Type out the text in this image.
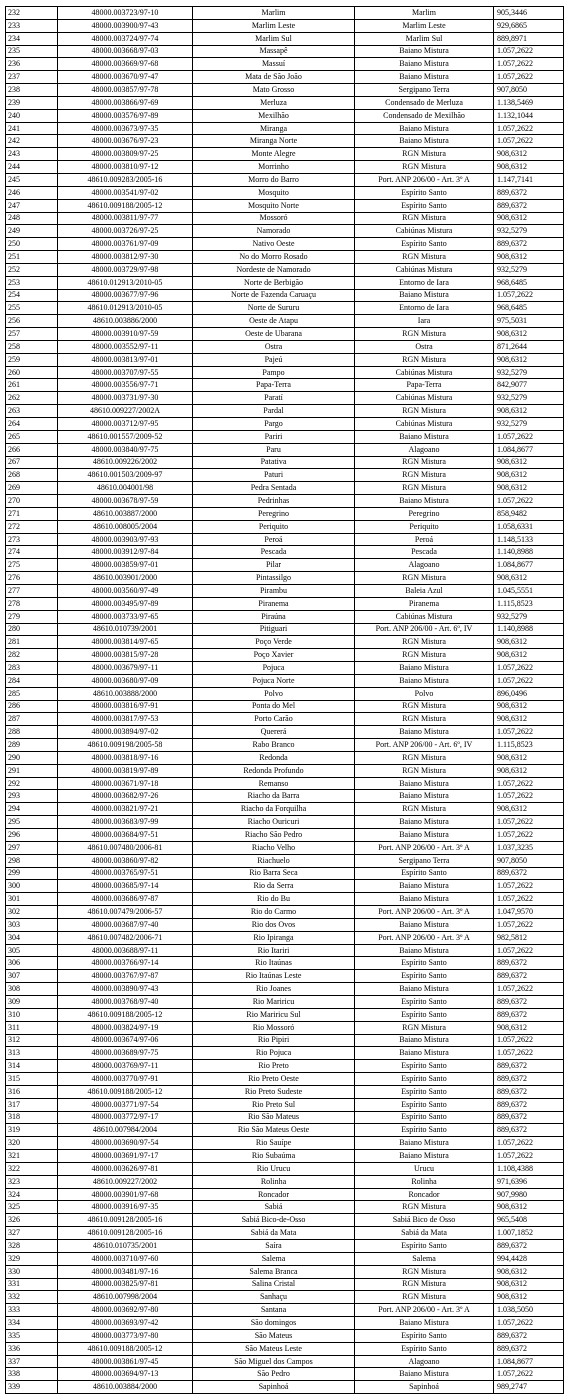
232	48000.003723/97-10	Marlim	Marlim	905,3446
233	48000.003900/97-43	Marlim Leste	Marlim Leste	929,6865
234	48000.003724/97-74	Marlim Sul	Marlim Sul	889,8971
235	48000.003668/97-03	Massapê	Baiano Mistura	1.057,2622
236	48000.003669/97-68	Massuí	Baiano Mistura	1.057,2622
237	48000.003670/97-47	Mata de São João	Baiano Mistura	1.057,2622
238	48000.003857/97-78	Mato Grosso	Sergipano Terra	907,8050
239	48000.003866/97-69	Merluza	Condensado de Merluza	1.138,5469
240	48000.003576/97-89	Mexilhão	Condensado de Mexilhão	1.132,1044
241	48000.003673/97-35	Miranga	Baiano Mistura	1.057,2622
242	48000.003676/97-23	Miranga Norte	Baiano Mistura	1.057,2622
243	48000.003809/97-25	Monte Alegre	RGN Mistura	908,6312
244	48000.003810/97-12	Morrinho	RGN Mistura	908,6312
245	48610.009283/2005-16	Morro do Barro	Port. ANP 206/00 - Art. 3º A	1.147,7141
246	48000.003541/97-02	Mosquito	Espírito Santo	889,6372
247	48610.009188/2005-12	Mosquito Norte	Espírito Santo	889,6372
248	48000.003811/97-77	Mossoró	RGN Mistura	908,6312
249	48000.003726/97-25	Namorado	Cabiúnas Mistura	932,5279
250	48000.003761/97-09	Nativo Oeste	Espírito Santo	889,6372
251	48000.003812/97-30	No do Morro Rosado	RGN Mistura	908,6312
252	48000.003729/97-98	Nordeste de Namorado	Cabiúnas Mistura	932,5279
253	48610.012913/2010-05	Norte de Berbigão	Entorno de Iara	968,6485
254	48000.003677/97-96	Norte de Fazenda Caruaçu	Baiano Mistura	1.057,2622
255	48610.012913/2010-05	Norte de Sururu	Entorno de Iara	968,6485
256	48610.003886/2000	Oeste de Atapu	Iara	975,5031
257	48000.003910/97-59	Oeste de Ubarana	RGN Mistura	908,6312
258	48000.003552/97-11	Ostra	Ostra	871,2644
259	48000.003813/97-01	Pajeú	RGN Mistura	908,6312
260	48000.003707/97-55	Pampo	Cabiúnas Mistura	932,5279
261	48000.003556/97-71	Papa-Terra	Papa-Terra	842,9077
262	48000.003731/97-30	Paratí	Cabiúnas Mistura	932,5279
263	48610.009227/2002A	Pardal	RGN Mistura	908,6312
264	48000.003712/97-95	Pargo	Cabiúnas Mistura	932,5279
265	48610.001557/2009-52	Pariri	Baiano Mistura	1.057,2622
266	48000.003840/97-75	Paru	Alagoano	1.084,8677
267	48610.009226/2002	Patativa	RGN Mistura	908,6312
268	48610.001503/2009-97	Paturi	RGN Mistura	908,6312
269	48610.004001/98	Pedra Sentada	RGN Mistura	908,6312
270	48000.003678/97-59	Pedrinhas	Baiano Mistura	1.057,2622
271	48610.003887/2000	Peregrino	Peregrino	858,9482
272	48610.008005/2004	Periquito	Periquito	1.058,6331
273	48000.003903/97-93	Peroá	Peroá	1.148,5133
274	48000.003912/97-84	Pescada	Pescada	1.140,8988
275	48000.003859/97-01	Pilar	Alagoano	1.084,8677
276	48610.003901/2000	Pintassilgo	RGN Mistura	908,6312
277	48000.003560/97-49	Pirambu	Baleia Azul	1.045,5551
278	48000.003495/97-89	Piranema	Piranema	1.115,8523
279	48000.003733/97-65	Piraúna	Cabiúnas Mistura	932,5279
280	48610.010739/2001	Pitiguari	Port. ANP 206/00 - Art. 6º, IV	1.140,8988
281	48000.003814/97-65	Poço Verde	RGN Mistura	908,6312
282	48000.003815/97-28	Poço Xavier	RGN Mistura	908,6312
283	48000.003679/97-11	Pojuca	Baiano Mistura	1.057,2622
284	48000.003680/97-09	Pojuca Norte	Baiano Mistura	1.057,2622
285	48610.003888/2000	Polvo	Polvo	896,0496
286	48000.003816/97-91	Ponta do Mel	RGN Mistura	908,6312
287	48000.003817/97-53	Porto Carão	RGN Mistura	908,6312
288	48000.003894/97-02	Quererá	Baiano Mistura	1.057,2622
289	48610.009198/2005-58	Rabo Branco	Port. ANP 206/00 - Art. 6º, IV	1.115,8523
290	48000.003818/97-16	Redonda	RGN Mistura	908,6312
291	48000.003819/97-89	Redonda Profundo	RGN Mistura	908,6312
292	48000.003671/97-18	Remanso	Baiano Mistura	1.057,2622
293	48000.003682/97-26	Riacho da Barra	Baiano Mistura	1.057,2622
294	48000.003821/97-21	Riacho da Forquilha	RGN Mistura	908,6312
295	48000.003683/97-99	Riacho Ouricuri	Baiano Mistura	1.057,2622
296	48000.003684/97-51	Riacho São Pedro	Baiano Mistura	1.057,2622
297	48610.007480/2006-81	Riacho Velho	Port. ANP 206/00 - Art. 3º A	1.037,3235
298	48000.003860/97-82	Riachuelo	Sergipano Terra	907,8050
299	48000.003765/97-51	Rio Barra Seca	Espírito Santo	889,6372
300	48000.003685/97-14	Rio da Serra	Baiano Mistura	1.057,2622
301	48000.003686/97-87	Rio do Bu	Baiano Mistura	1.057,2622
302	48610.007479/2006-57	Rio do Carmo	Port. ANP 206/00 - Art. 3º A	1.047,9570
303	48000.003687/97-40	Rio dos Ovos	Baiano Mistura	1.057,2622
304	48610.007482/2006-71	Rio Ipiranga	Port. ANP 206/00 - Art. 3º A	982,5812
305	48000.003688/97-11	Rio Itariri	Baiano Mistura	1.057,2622
306	48000.003766/97-14	Rio Itaúnas	Espírito Santo	889,6372
307	48000.003767/97-87	Rio Itaúnas Leste	Espírito Santo	889,6372
308	48000.003890/97-43	Rio Joanes	Baiano Mistura	1.057,2622
309	48000.003768/97-40	Rio Mariricu	Espírito Santo	889,6372
310	48610.009188/2005-12	Rio Mariricu Sul	Espírito Santo	889,6372
311	48000.003824/97-19	Rio Mossoró	RGN Mistura	908,6312
312	48000.003674/97-06	Rio Pipiri	Baiano Mistura	1.057,2622
313	48000.003689/97-75	Rio Pojuca	Baiano Mistura	1.057,2622
314	48000.003769/97-11	Rio Preto	Espírito Santo	889,6372
315	48000.003770/97-91	Rio Preto Oeste	Espírito Santo	889,6372
316	48610.009188/2005-12	Rio Preto Sudeste	Espírito Santo	889,6372
317	48000.003771/97-54	Rio Preto Sul	Espírito Santo	889,6372
318	48000.003772/97-17	Rio São Mateus	Espírito Santo	889,6372
319	48610.007984/2004	Rio São Mateus Oeste	Espírito Santo	889,6372
320	48000.003690/97-54	Rio Sauípe	Baiano Mistura	1.057,2622
321	48000.003691/97-17	Rio Subaúma	Baiano Mistura	1.057,2622
322	48000.003626/97-81	Rio Urucu	Urucu	1.108,4388
323	48610.009227/2002	Rolinha	Rolinha	971,6396
324	48000.003901/97-68	Roncador	Roncador	907,9980
325	48000.003916/97-35	Sabiá	RGN Mistura	908,6312
326	48610.009128/2005-16	Sabiá Bico-de-Osso	Sabiá Bico de Osso	965,5408
327	48610.009128/2005-16	Sabiá da Mata	Sabiá da Mata	1.007,1852
328	48610.010735/2001	Saíra	Espírito Santo	889,6372
329	48000.003710/97-60	Salema	Salema	994,4428
330	48000.003481/97-16	Salema Branca	RGN Mistura	908,6312
331	48000.003825/97-81	Salina Cristal	RGN Mistura	908,6312
332	48610.007998/2004	Sanhaçu	RGN Mistura	908,6312
333	48000.003692/97-80	Santana	Port. ANP 206/00 - Art. 3º A	1.038,5050
334	48000.003693/97-42	São domingos	Baiano Mistura	1.057,2622
335	48000.003773/97-80	São Mateus	Espírito Santo	889,6372
336	48610.009188/2005-12	São Mateus Leste	Espírito Santo	889,6372
337	48000.003861/97-45	São Miguel dos Campos	Alagoano	1.084,8677
338	48000.003694/97-13	São Pedro	Baiano Mistura	1.057,2622
339	48610.003884/2000	Sapinhoá	Sapinhoá	989,2747
